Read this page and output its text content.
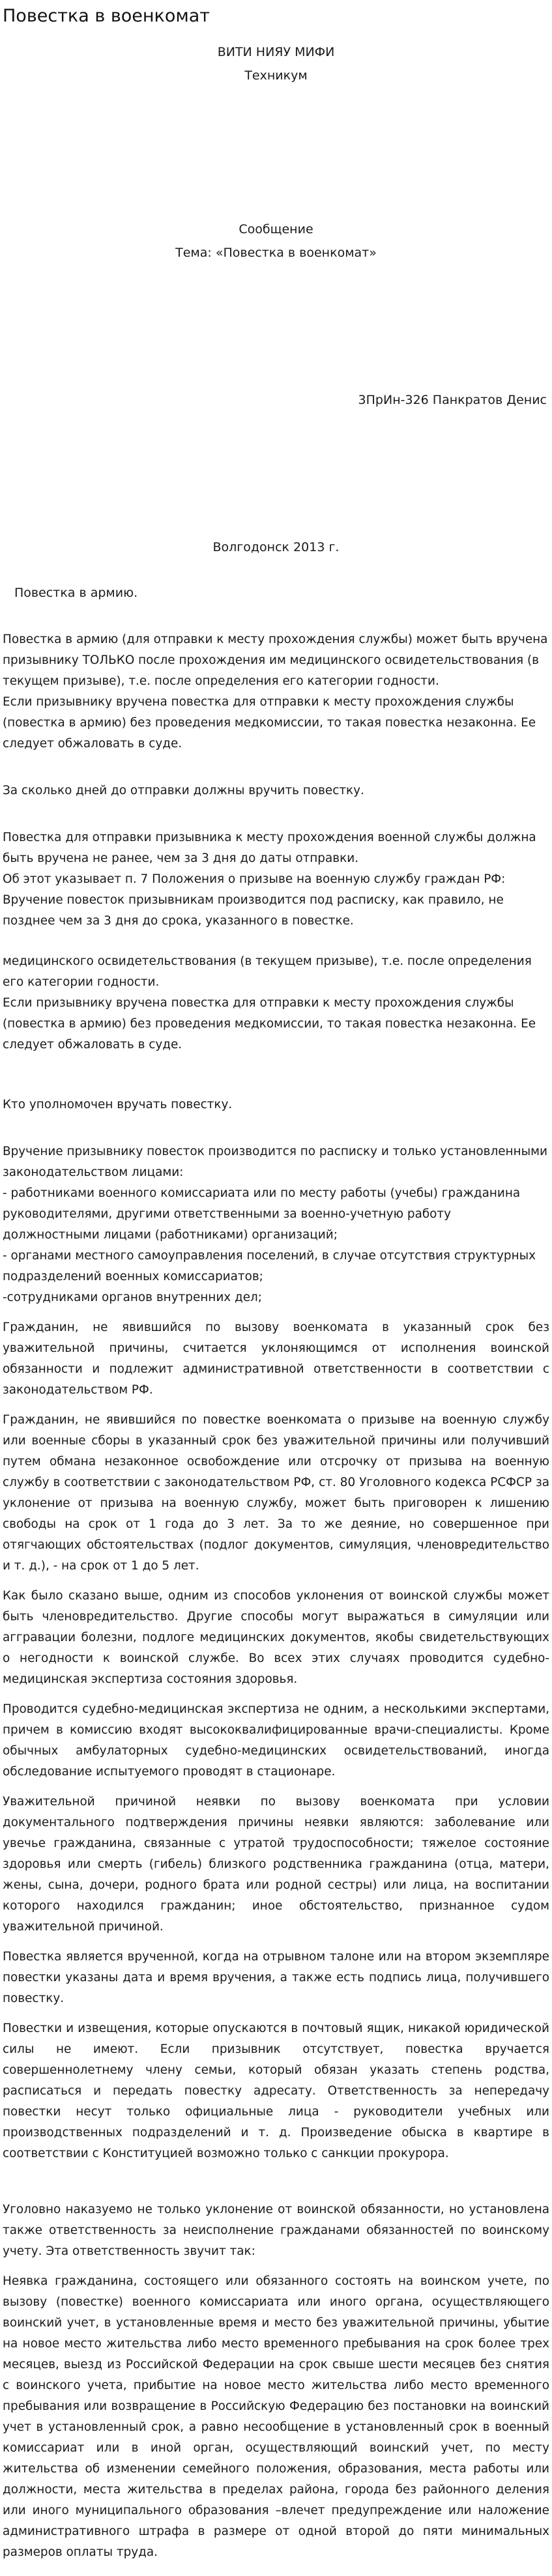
Повестка в военкомат
ВИТИ НИЯУ МИФИ
Техникум
Сообщение
Тема: «Повестка в военкомат»
3ПрИн-326 Панкратов Денис
Волгодонск 2013 г.
Повестка в армию.

Повестка в армию (для отправки к месту прохождения службы) может быть вручена призывнику ТОЛЬКО после прохождения им медицинского освидетельствования (в текущем призыве), т.е. после определения его категории годности.

Если призывнику вручена повестка для отправки к месту прохождения службы (повестка в армию) без проведения медкомиссии, то такая повестка незаконна. Ее следует обжаловать в суде.

За сколько дней до отправки должны вручить повестку.

Повестка для отправки призывника к месту прохождения военной службы должна быть вручена не ранее, чем за 3 дня до даты отправки.

Об этот указывает п. 7 Положения о призыве на военную службу граждан РФ: Вручение повесток призывникам производится под расписку, как правило, не позднее чем за 3 дня до срока, указанного в повестке.

медицинского освидетельствования (в текущем призыве), т.е. после определения его категории годности.

Если призывнику вручена повестка для отправки к месту прохождения службы (повестка в армию) без проведения медкомиссии, то такая повестка незаконна. Ее следует обжаловать в суде.

Кто уполномочен вручать повестку.

Вручение призывнику повесток производится по расписку и только установленными законодательством лицами:

- работниками военного комиссариата или по месту работы (учебы) гражданина руководителями, другими ответственными за военно-учетную работу должностными лицами (работниками) организаций;

- органами местного самоуправления поселений, в случае отсутствия структурных подразделений военных комиссариатов;

-сотрудниками органов внутренних дел;

Гражданин, не явившийся по вызову военкомата в указанный срок без уважительной причины, считается уклоняющимся от исполнения воинской обязанности и подлежит административной ответственности в соответствии с законодательством РФ.

Гражданин, не явившийся по повестке военкомата о призыве на военную службу или военные сборы в указанный срок без уважительной причины или получивший путем обмана незаконное освобождение или отсрочку от призыва на военную службу в соответствии с законодательством РФ, ст. 80 Уголовного кодекса РСФСР за уклонение от призыва на военную службу, может быть приговорен к лишению свободы на срок от 1 года до 3 лет. За то же деяние, но совершенное при отягчающих обстоятельствах (подлог документов, симуляция, членовредительство и т. д.), - на срок от 1 до 5 лет.

Как было сказано выше, одним из способов уклонения от воинской службы может быть членовредительство. Другие способы могут выражаться в симуляции или аггравации болезни, подлоге медицинских документов, якобы свидетельствующих о негодности к воинской службе. Во всех этих случаях проводится судебно-медицинская экспертиза состояния здоровья.

Проводится судебно-медицинская экспертиза не одним, а несколькими экспертами, причем в комиссию входят высококвалифицированные врачи-специалисты. Кроме обычных амбулаторных судебно-медицинских освидетельствований, иногда обследование испытуемого проводят в стационаре.

Уважительной причиной неявки по вызову военкомата при условии документального подтверждения причины неявки являются: заболевание или увечье гражданина, связанные с утратой трудоспособности; тяжелое состояние здоровья или смерть (гибель) близкого родственника гражданина (отца, матери, жены, сына, дочери, родного брата или родной сестры) или лица, на воспитании которого находился гражданин; иное обстоятельство, признанное судом уважительной причиной.

Повестка является врученной, когда на отрывном талоне или на втором экземпляре повестки указаны дата и время вручения, а также есть подпись лица, получившего повестку.

Повестки и извещения, которые опускаются в почтовый ящик, никакой юридической силы не имеют. Если призывник отсутствует, повестка вручается совершеннолетнему члену семьи, который обязан указать степень родства, расписаться и передать повестку адресату. Ответственность за непередачу повестки несут только официальные лица - руководители учебных или производственных подразделений и т. д. Произведение обыска в квартире в соответствии с Конституцией возможно только с санкции прокурора.

Уголовно наказуемо не только уклонение от воинской обязанности, но установлена также ответственность за неисполнение гражданами обязанностей по воинскому учету. Эта ответственность звучит так:

Неявка гражданина, состоящего или обязанного состоять на воинском учете, по вызову (повестке) военного комиссариата или иного органа, осуществляющего воинский учет, в установленные время и место без уважительной причины, убытие на новое место жительства либо место временного пребывания на срок более трех месяцев, выезд из Российской Федерации на срок свыше шести месяцев без снятия с воинского учета, прибытие на новое место жительства либо место временного пребывания или возвращение в Российскую Федерацию без постановки на воинский учет в установленный срок, а равно несообщение в установленный срок в военный комиссариат или в иной орган, осуществляющий воинский учет, по месту жительства об изменении семейного положения, образования, места работы или должности, места жительства в пределах района, города без районного деления или иного муниципального образования –влечет предупреждение или наложение административного штрафа в размере от одной второй до пяти минимальных размеров оплаты труда.
